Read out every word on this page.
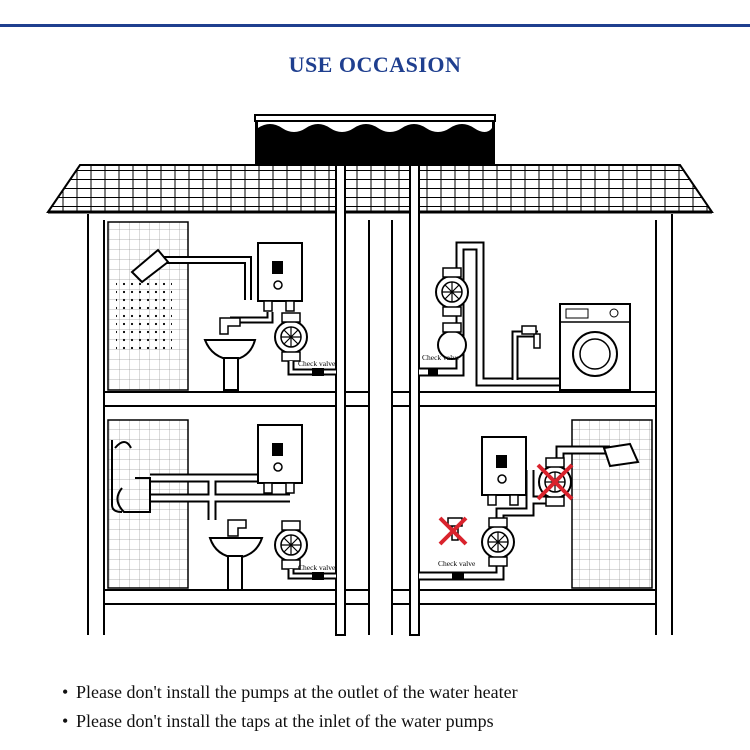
USE OCCASION
Check valve
Check valve
Check valve	Check valve
• Please don't install the pumps at the outlet of the water heater
• Please don't install the taps at the inlet of the water pumps
